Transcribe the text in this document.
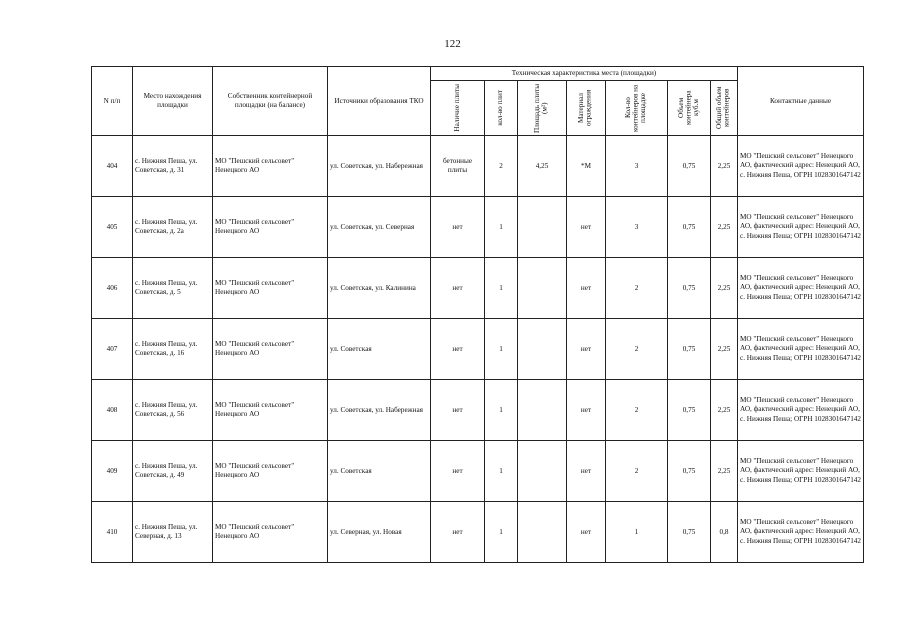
122
N п/п	Место нахождения площадки	Собственник контейнерной площадки (на балансе)	Источники образования ТКО	Техническая характеристика места (площадки)							Контактные данные

				Наличие плиты	кол-во плит	Площадь плиты (м²)	Материал ограждения	Кол-во контейнеров на площадке	Объем контейнера куб.м	Общий объем контейнеров	

404	с. Нижняя Пеша, ул. Советская, д. 31	МО "Пешский сельсовет" Ненецкого АО	ул. Советская, ул. Набережная	бетонные плиты	2	4,25	*М	3	0,75	2,25	МО "Пешский сельсовет" Ненецкого АО, фактический адрес: Ненецкий АО, с. Нижняя Пеша, ОГРН 1028301647142
405	с. Нижняя Пеша, ул. Советская, д. 2а	МО "Пешский сельсовет" Ненецкого АО	ул. Советская, ул. Северная	нет	1		нет	3	0,75	2,25	МО "Пешский сельсовет" Ненецкого АО, фактический адрес: Ненецкий АО, с. Нижняя Пеша; ОГРН 1028301647142
406	с. Нижняя Пеша, ул. Советская, д. 5	МО "Пешский сельсовет" Ненецкого АО	ул. Советская, ул. Калинина	нет	1		нет	2	0,75	2,25	МО "Пешский сельсовет" Ненецкого АО, фактический адрес: Ненецкий АО, с. Нижняя Пеша; ОГРН 1028301647142
407	с. Нижняя Пеша, ул. Советская, д. 16	МО "Пешский сельсовет" Ненецкого АО	ул. Советская	нет	1		нет	2	0,75	2,25	МО "Пешский сельсовет" Ненецкого АО, фактический адрес: Ненецкий АО, с. Нижняя Пеша; ОГРН 1028301647142
408	с. Нижняя Пеша, ул. Советская, д. 56	МО "Пешский сельсовет" Ненецкого АО	ул. Советская, ул. Набережная	нет	1		нет	2	0,75	2,25	МО "Пешский сельсовет" Ненецкого АО, фактический адрес: Ненецкий АО, с. Нижняя Пеша; ОГРН 1028301647142
409	с. Нижняя Пеша, ул. Советская, д. 49	МО "Пешский сельсовет" Ненецкого АО	ул. Советская	нет	1		нет	2	0,75	2,25	МО "Пешский сельсовет" Ненецкого АО, фактический адрес: Ненецкий АО, с. Нижняя Пеша; ОГРН 1028301647142
410	с. Нижняя Пеша, ул. Северная, д. 13	МО "Пешский сельсовет" Ненецкого АО	ул. Северная, ул. Новая	нет	1		нет	1	0,75	0,8	МО "Пешский сельсовет" Ненецкого АО, фактический адрес: Ненецкий АО, с. Нижняя Пеша; ОГРН 1028301647142
